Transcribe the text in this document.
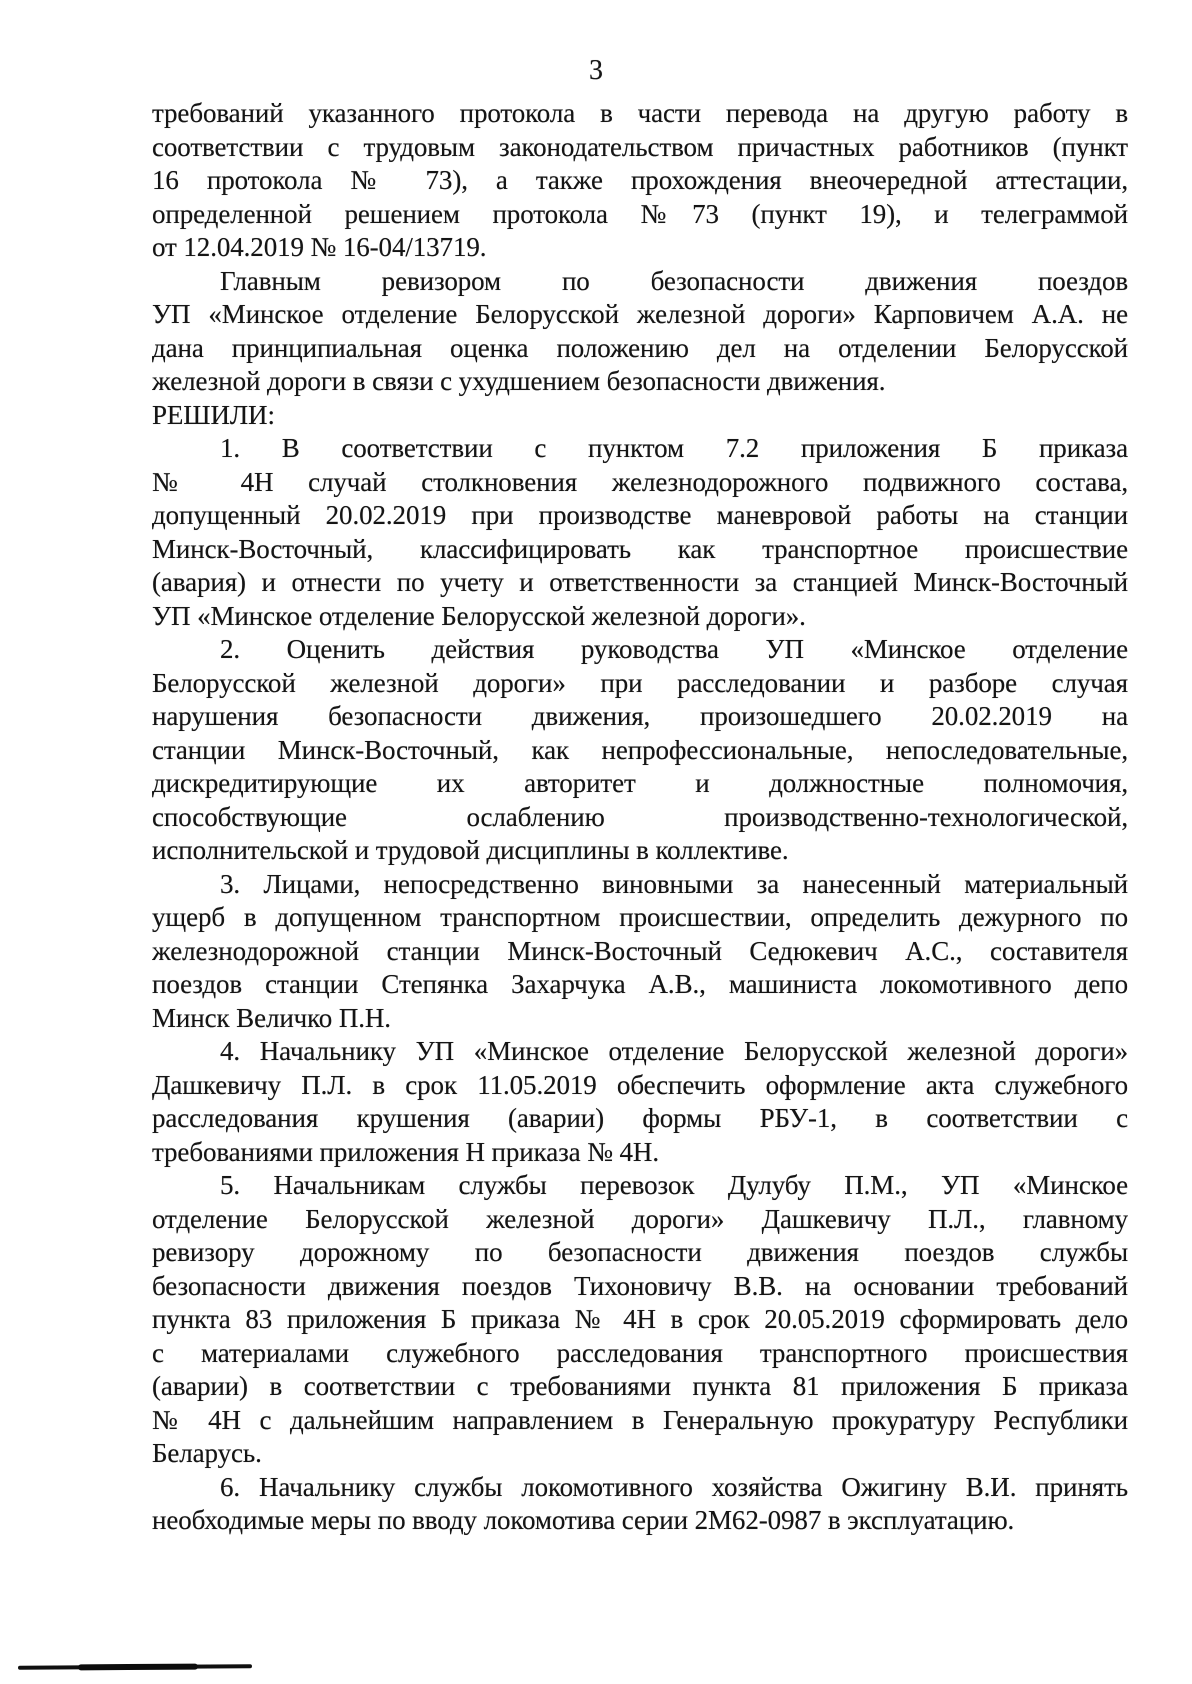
3
требований указанного протокола в части перевода на другую работу в
соответствии с трудовым законодательством причастных работников (пункт
16 протокола № 73), а также прохождения внеочередной аттестации,
определенной решением протокола №73 (пункт 19), и телеграммой
от 12.04.2019 № 16-04/13719.
Главным ревизором по безопасности движения поездов
УП «Минское отделение Белорусской железной дороги» Карповичем А.А. не
дана принципиальная оценка положению дел на отделении Белорусской
железной дороги в связи с ухудшением безопасности движения.
РЕШИЛИ:
1. В соответствии с пунктом 7.2 приложения Б приказа
№ 4Н случай столкновения железнодорожного подвижного состава,
допущенный 20.02.2019 при производстве маневровой работы на станции
Минск-Восточный, классифицировать как транспортное происшествие
(авария) и отнести по учету и ответственности за станцией Минск-Восточный
УП «Минское отделение Белорусской железной дороги».
2. Оценить действия руководства УП «Минское отделение
Белорусской железной дороги» при расследовании и разборе случая
нарушения безопасности движения, произошедшего 20.02.2019 на
станции Минск-Восточный, как непрофессиональные, непоследовательные,
дискредитирующие их авторитет и должностные полномочия,
способствующие ослаблению производственно-технологической,
исполнительской и трудовой дисциплины в коллективе.
3. Лицами, непосредственно виновными за нанесенный материальный
ущерб в допущенном транспортном происшествии, определить дежурного по
железнодорожной станции Минск-Восточный Седюкевич А.С., составителя
поездов станции Степянка Захарчука А.В., машиниста локомотивного депо
Минск Величко П.Н.
4. Начальнику УП «Минское отделение Белорусской железной дороги»
Дашкевичу П.Л. в срок 11.05.2019 обеспечить оформление акта служебного
расследования крушения (аварии) формы РБУ-1, в соответствии с
требованиями приложения Н приказа № 4Н.
5. Начальникам службы перевозок Дулубу П.М., УП «Минское
отделение Белорусской железной дороги» Дашкевичу П.Л., главному
ревизору дорожному по безопасности движения поездов службы
безопасности движения поездов Тихоновичу В.В. на основании требований
пункта 83 приложения Б приказа № 4Н в срок 20.05.2019 сформировать дело
с материалами служебного расследования транспортного происшествия
(аварии) в соответствии с требованиями пункта 81 приложения Б приказа
№ 4Н с дальнейшим направлением в Генеральную прокуратуру Республики
Беларусь.
6. Начальнику службы локомотивного хозяйства Ожигину В.И. принять
необходимые меры по вводу локомотива серии 2М62-0987 в эксплуатацию.
